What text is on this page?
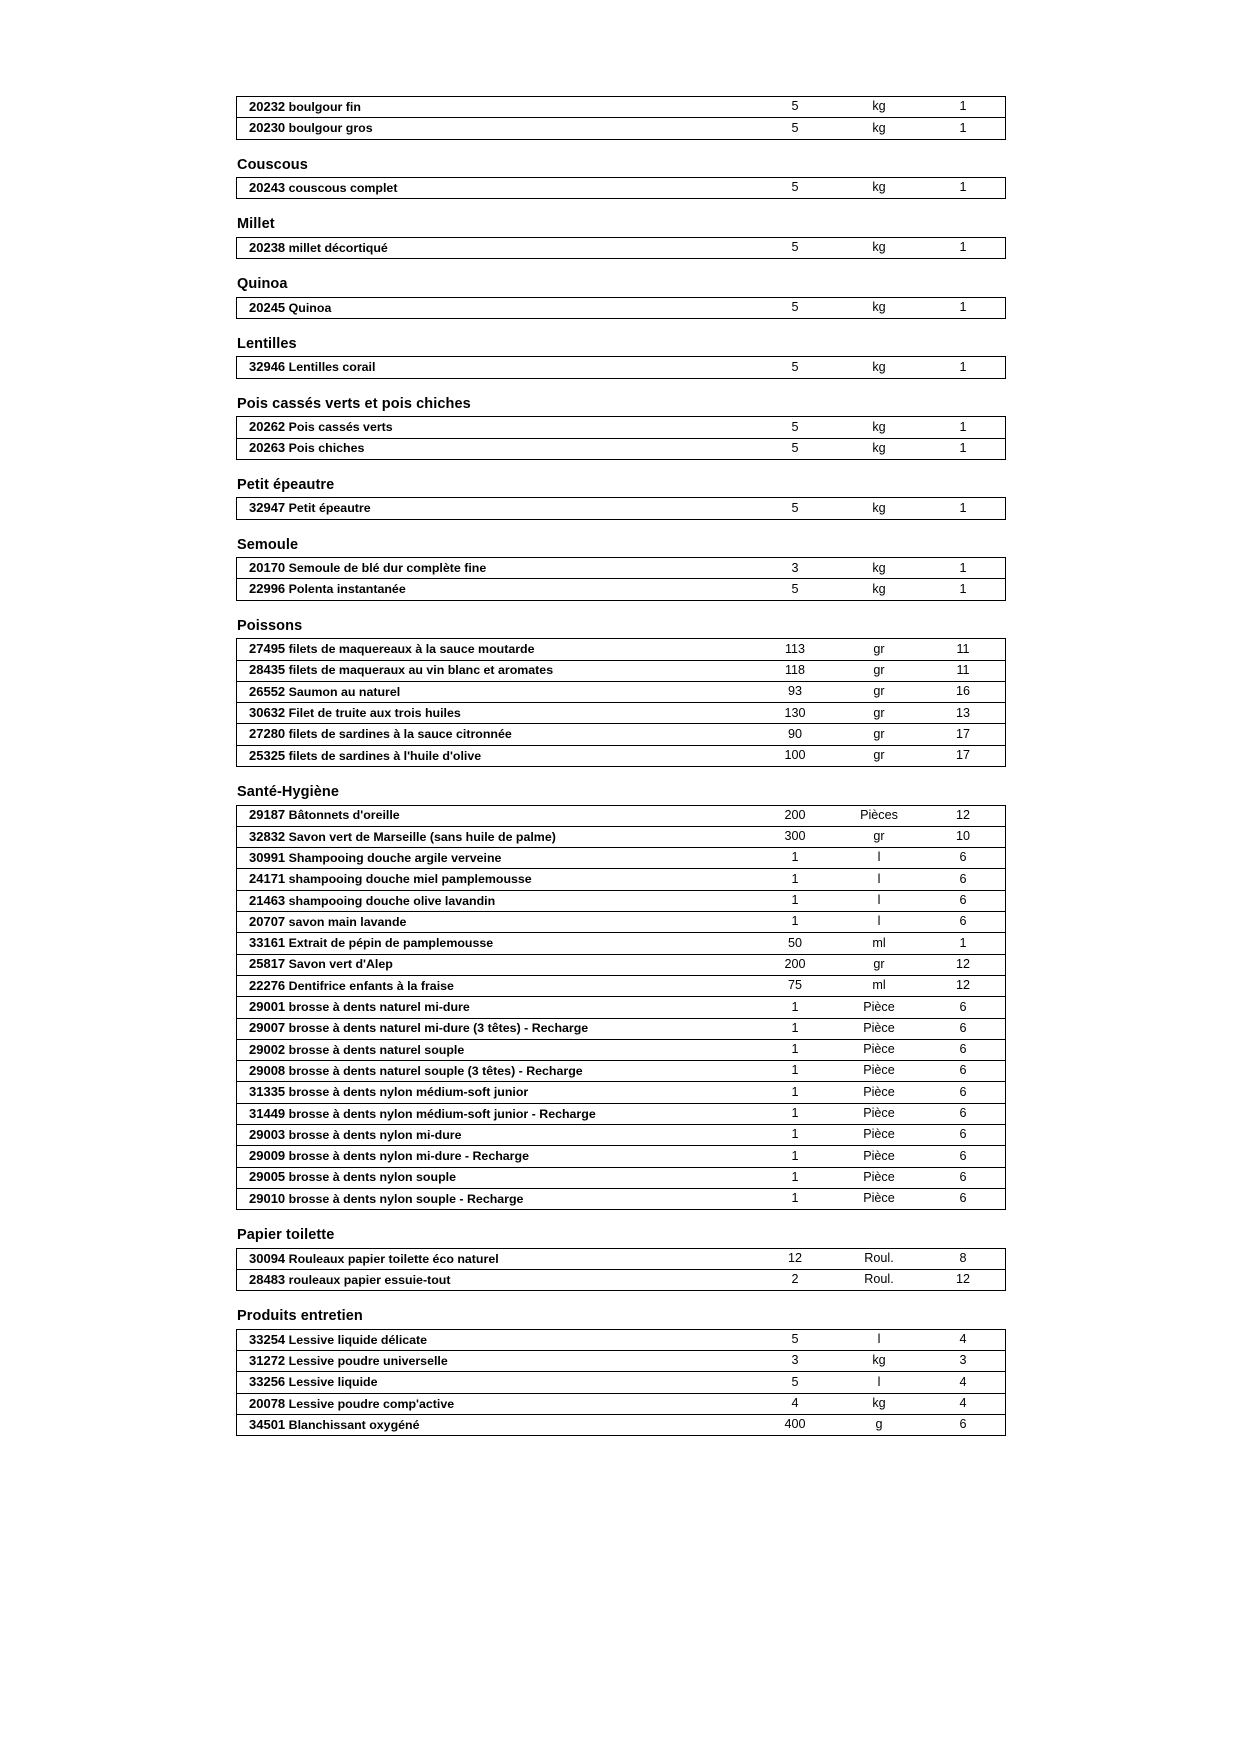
20232 boulgour fin	5	kg	1
20230 boulgour gros	5	kg	1
Couscous
20243 couscous complet	5	kg	1
Millet
20238 millet décortiqué	5	kg	1
Quinoa
20245 Quinoa	5	kg	1
Lentilles
32946 Lentilles corail	5	kg	1
Pois cassés verts et pois chiches
20262 Pois cassés verts	5	kg	1
20263 Pois chiches	5	kg	1
Petit épeautre
32947 Petit épeautre	5	kg	1
Semoule
20170 Semoule de blé dur complète fine	3	kg	1
22996 Polenta instantanée	5	kg	1
Poissons
27495 filets de maquereaux à la sauce moutarde	113	gr	11
28435 filets de maqueraux au vin blanc et aromates	118	gr	11
26552 Saumon au naturel	93	gr	16
30632 Filet de truite aux trois huiles	130	gr	13
27280 filets de sardines à la sauce citronnée	90	gr	17
25325 filets de sardines à l'huile d'olive	100	gr	17
Santé-Hygiène
29187 Bâtonnets d'oreille	200	Pièces	12
32832 Savon vert de Marseille (sans huile de palme)	300	gr	10
30991 Shampooing douche argile verveine	1	l	6
24171 shampooing douche miel pamplemousse	1	l	6
21463 shampooing douche olive lavandin	1	l	6
20707 savon main lavande	1	l	6
33161 Extrait de pépin de pamplemousse	50	ml	1
25817 Savon vert d'Alep	200	gr	12
22276 Dentifrice enfants à la fraise	75	ml	12
29001 brosse à dents naturel mi-dure	1	Pièce	6
29007 brosse à dents naturel mi-dure (3 têtes) - Recharge	1	Pièce	6
29002 brosse à dents naturel souple	1	Pièce	6
29008 brosse à dents naturel souple (3 têtes) - Recharge	1	Pièce	6
31335 brosse à dents nylon médium-soft junior	1	Pièce	6
31449 brosse à dents nylon médium-soft junior - Recharge	1	Pièce	6
29003 brosse à dents nylon mi-dure	1	Pièce	6
29009 brosse à dents nylon mi-dure - Recharge	1	Pièce	6
29005 brosse à dents nylon souple	1	Pièce	6
29010 brosse à dents nylon souple - Recharge	1	Pièce	6
Papier toilette
30094 Rouleaux papier toilette éco naturel	12	Roul.	8
28483 rouleaux papier essuie-tout	2	Roul.	12
Produits entretien
33254 Lessive liquide délicate	5	l	4
31272 Lessive poudre universelle	3	kg	3
33256 Lessive liquide	5	l	4
20078 Lessive poudre comp'active	4	kg	4
34501 Blanchissant oxygéné	400	g	6
